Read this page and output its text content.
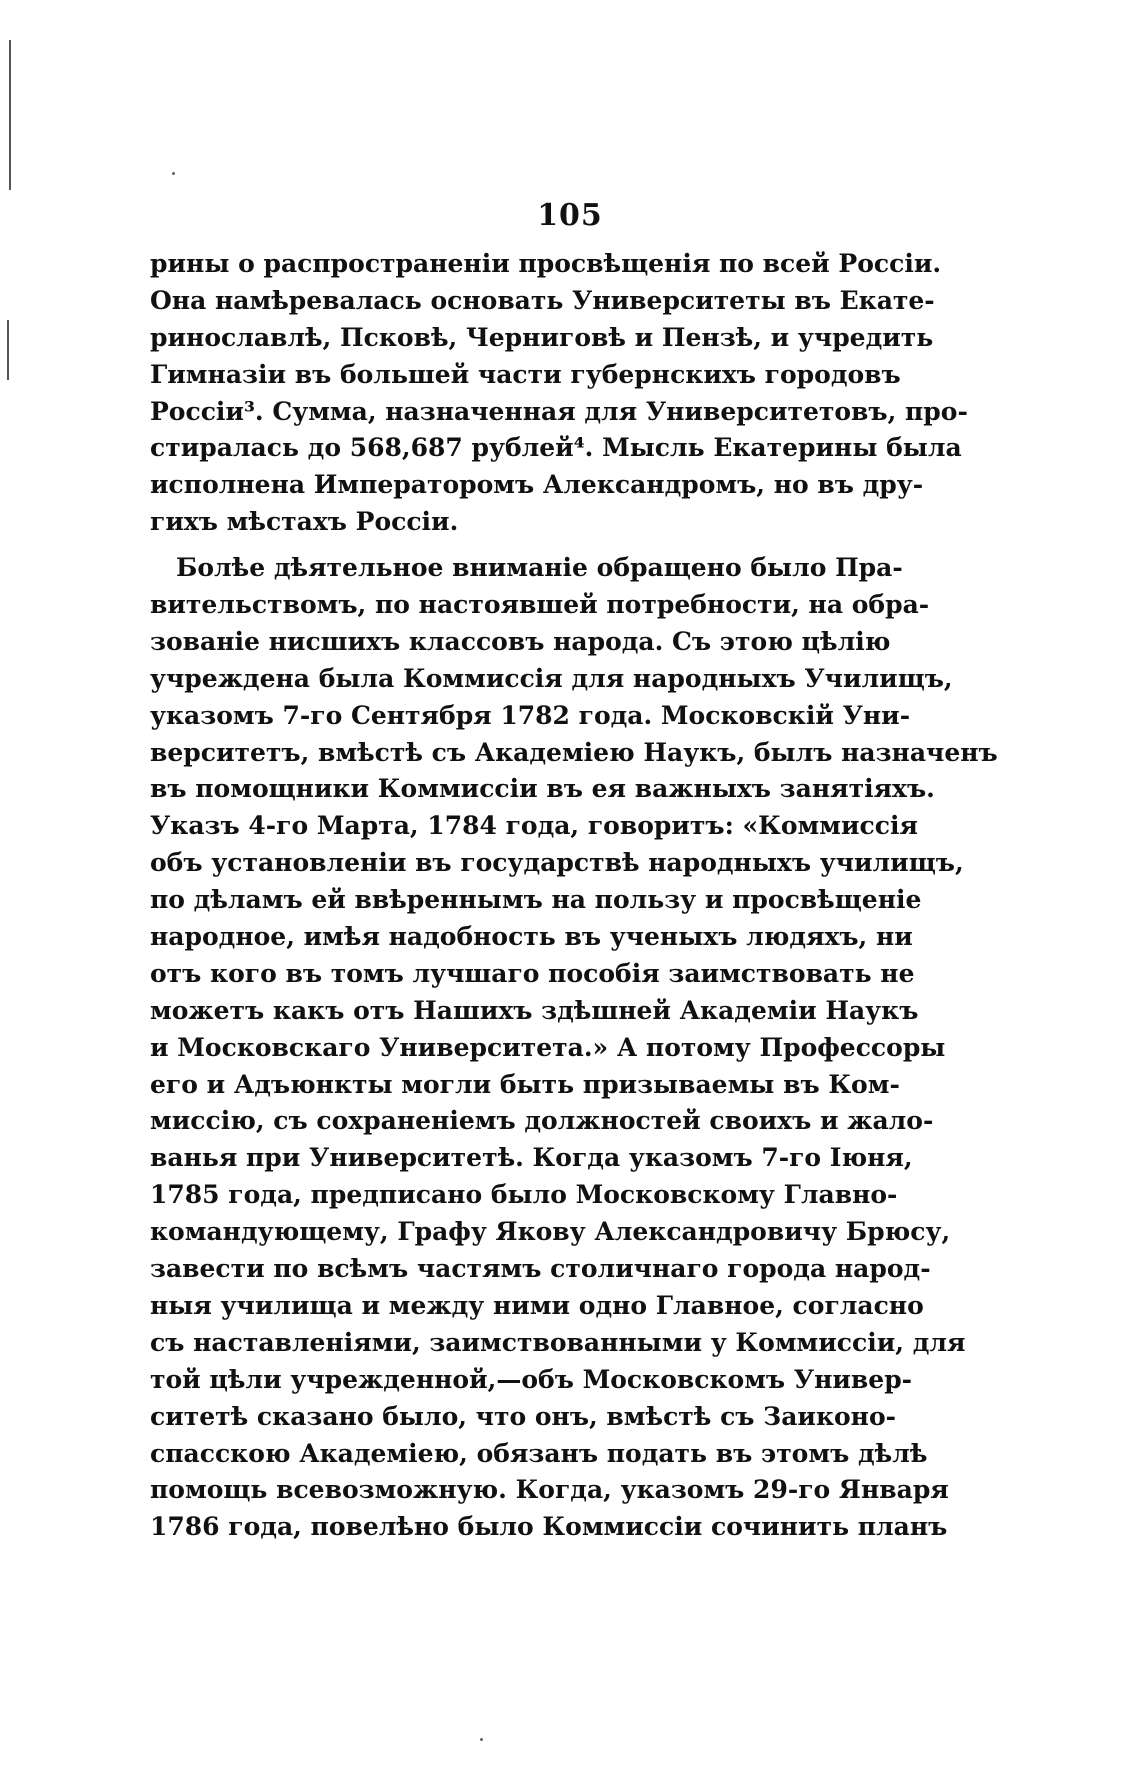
105
рины о распространеніи просвѣщенія по всей Россіи.
Она намѣревалась основать Университеты въ Екате-
ринославлѣ, Псковѣ, Черниговѣ и Пензѣ, и учредить
Гимназіи въ большей части губернскихъ городовъ
Россіи³. Сумма, назначенная для Университетовъ, про-
стиралась до 568,687 рублей⁴. Мысль Екатерины была
исполнена Императоромъ Александромъ, но въ дру-
гихъ мѣстахъ Россіи.
Болѣе дѣятельное вниманіе обращено было Пра-
вительствомъ, по настоявшей потребности, на обра-
зованіе нисшихъ классовъ народа. Съ этою цѣлію
учреждена была Коммиссія для народныхъ Училищъ,
указомъ 7-го Сентября 1782 года. Московскій Уни-
верситетъ, вмѣстѣ съ Академіею Наукъ, былъ назначенъ
въ помощники Коммиссіи въ ея важныхъ занятіяхъ.
Указъ 4-го Марта, 1784 года, говоритъ: «Коммиссія
объ установленіи въ государствѣ народныхъ училищъ,
по дѣламъ ей ввѣреннымъ на пользу и просвѣщеніе
народное, имѣя надобность въ ученыхъ людяхъ, ни
отъ кого въ томъ лучшаго пособія заимствовать не
можетъ какъ отъ Нашихъ здѣшней Академіи Наукъ
и Московскаго Университета.» А потому Профессоры
его и Адъюнкты могли быть призываемы въ Ком-
миссію, съ сохраненіемъ должностей своихъ и жало-
ванья при Университетѣ. Когда указомъ 7-го Іюня,
1785 года, предписано было Московскому Главно-
командующему, Графу Якову Александровичу Брюсу,
завести по всѣмъ частямъ столичнаго города народ-
ныя училища и между ними одно Главное, согласно
съ наставленіями, заимствованными у Коммиссіи, для
той цѣли учрежденной,—объ Московскомъ Универ-
ситетѣ сказано было, что онъ, вмѣстѣ съ Заиконо-
спасскою Академіею, обязанъ подать въ этомъ дѣлѣ
помощь всевозможную. Когда, указомъ 29-го Января
1786 года, повелѣно было Коммиссіи сочинить планъ
